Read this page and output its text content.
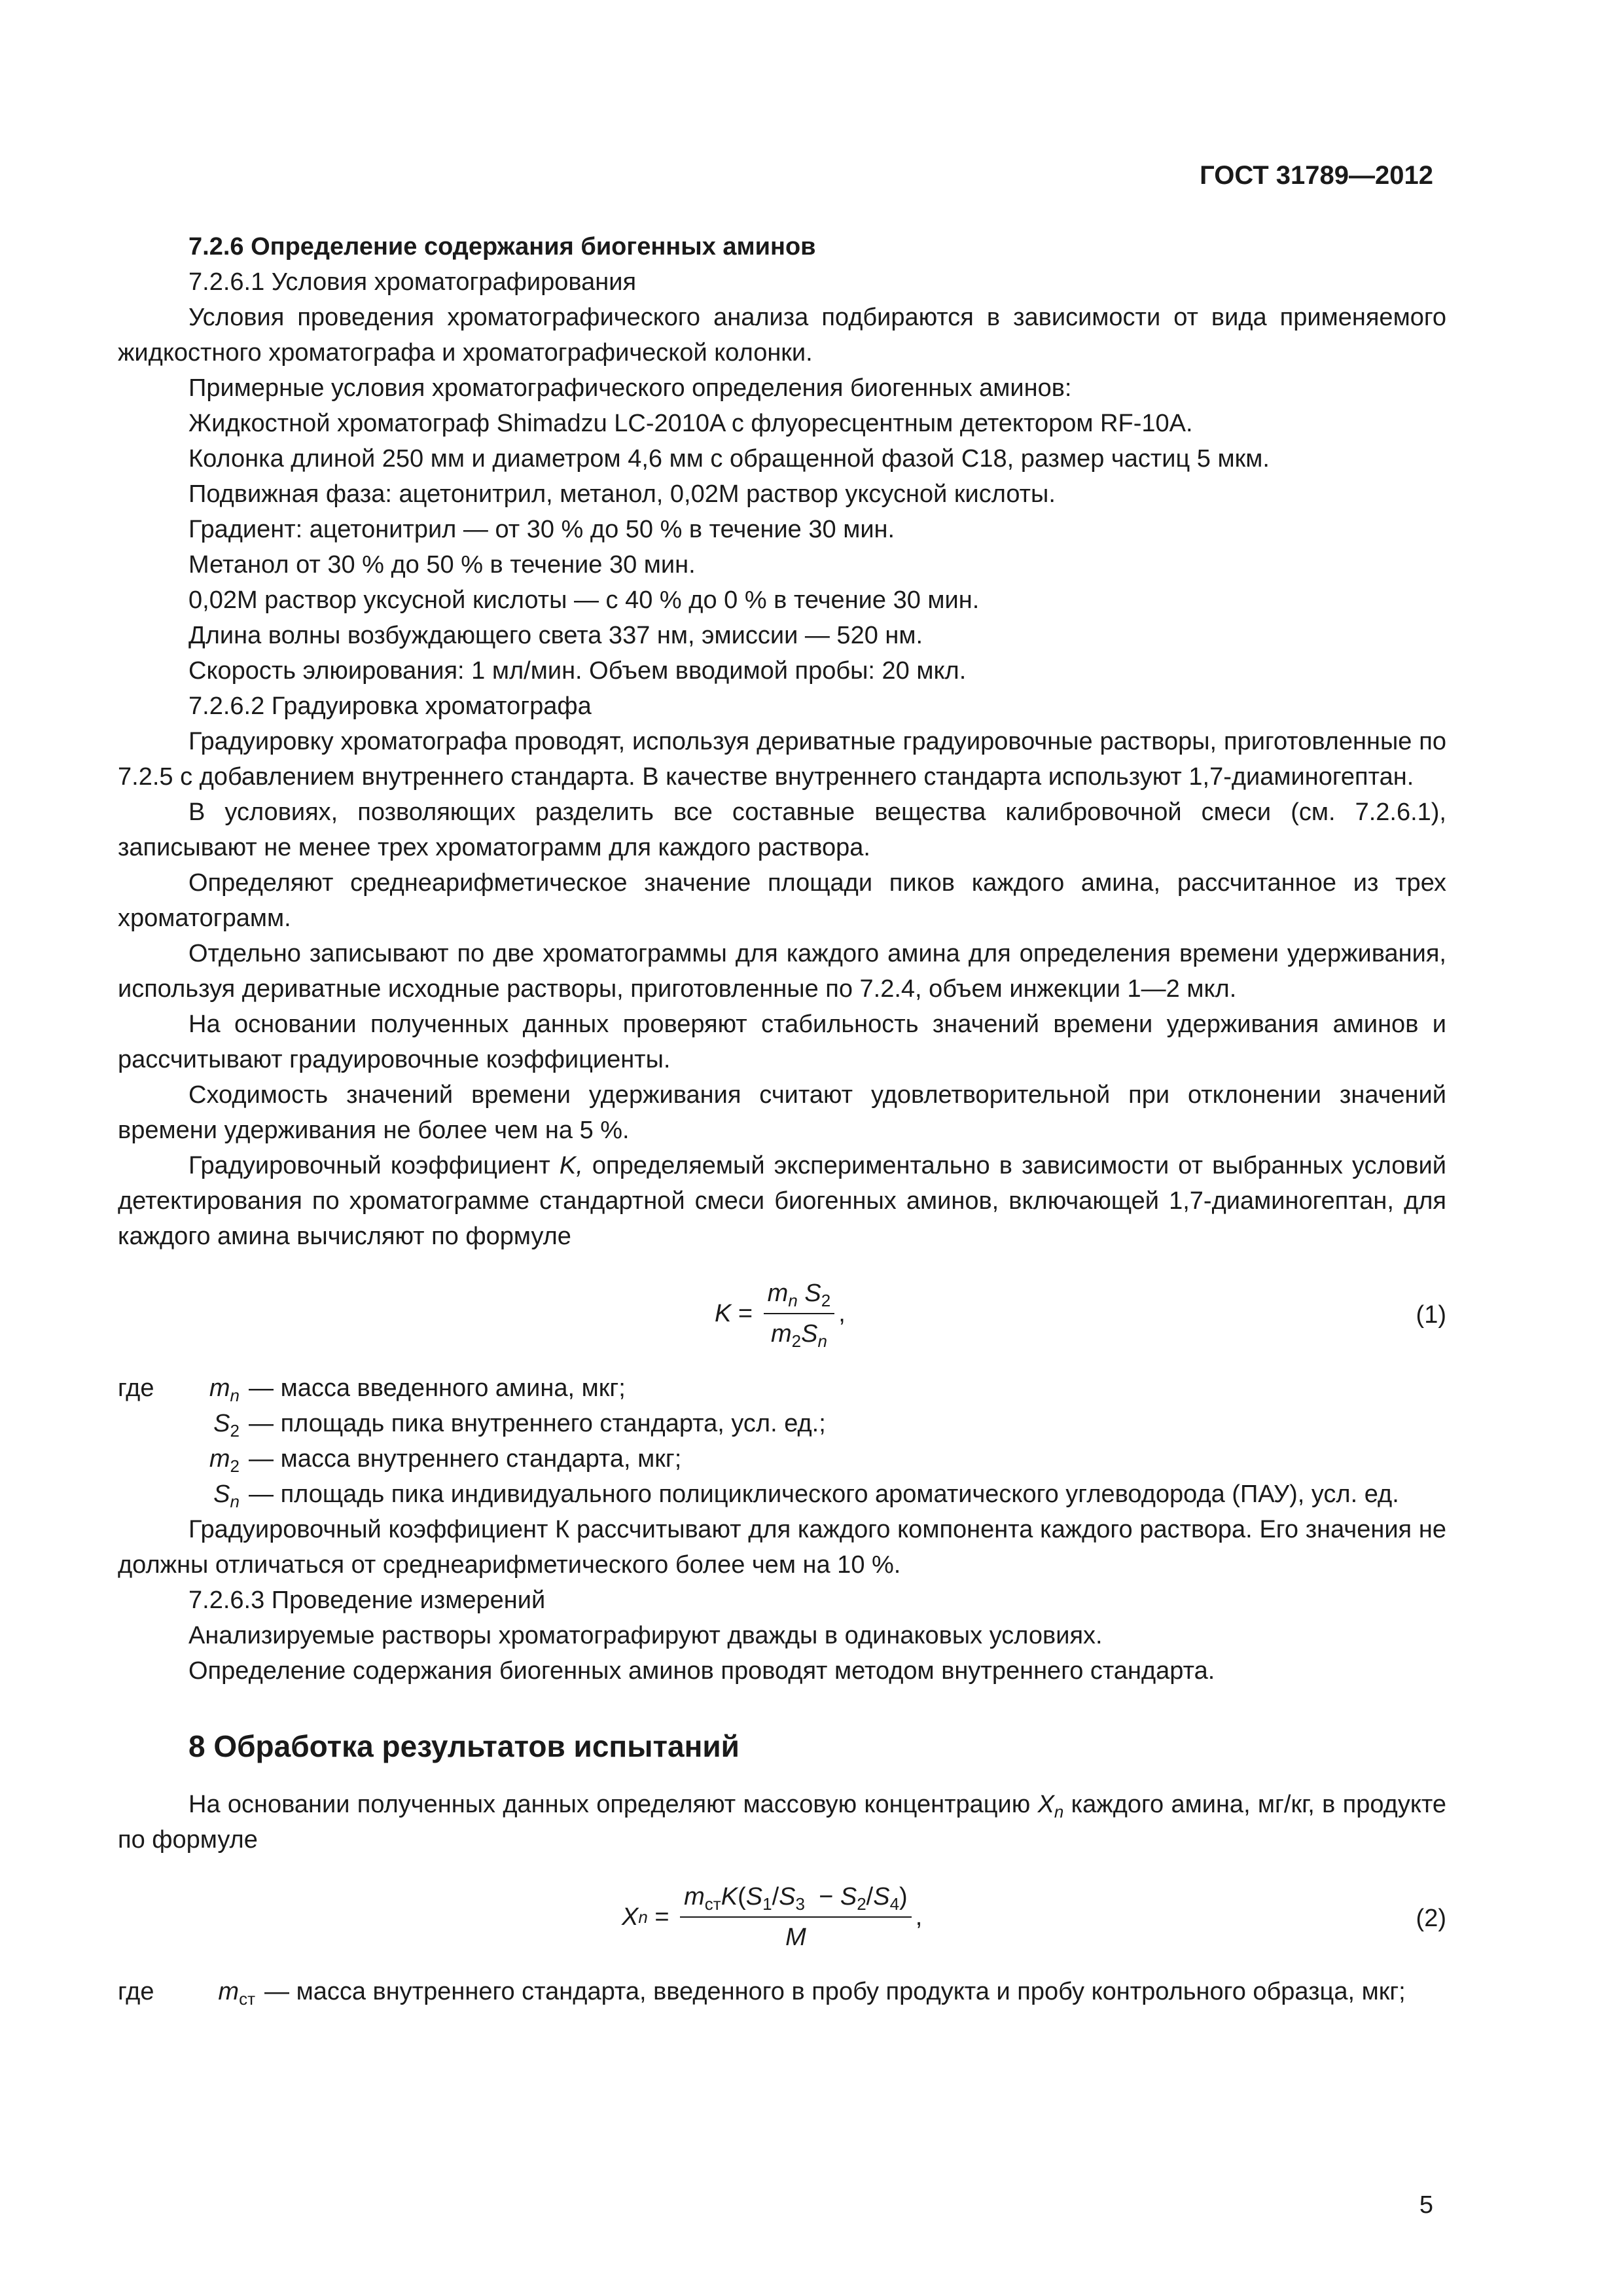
ГОСТ 31789—2012

7.2.6 Определение содержания биогенных аминов

7.2.6.1 Условия хроматографирования

Условия проведения хроматографического анализа подбираются в зависимости от вида применяемого жидкостного хроматографа и хроматографической колонки.

Примерные условия хроматографического определения биогенных аминов:

Жидкостной хроматограф Shimadzu LC-2010A с флуоресцентным детектором RF-10A.

Колонка длиной 250 мм и диаметром 4,6 мм с обращенной фазой С18, размер частиц 5 мкм.

Подвижная фаза: ацетонитрил, метанол, 0,02М раствор уксусной кислоты.

Градиент: ацетонитрил — от 30 % до 50 % в течение 30 мин.

Метанол от 30 % до 50 % в течение 30 мин.

0,02М раствор уксусной кислоты — с 40 % до 0 % в течение 30 мин.

Длина волны возбуждающего света 337 нм, эмиссии — 520 нм.

Скорость элюирования: 1 мл/мин. Объем вводимой пробы: 20 мкл.

7.2.6.2 Градуировка хроматографа

Градуировку хроматографа проводят, используя дериватные градуировочные растворы, приготовленные по 7.2.5 с добавлением внутреннего стандарта. В качестве внутреннего стандарта используют 1,7-диаминогептан.

В условиях, позволяющих разделить все составные вещества калибровочной смеси (см. 7.2.6.1), записывают не менее трех хроматограмм для каждого раствора.

Определяют среднеарифметическое значение площади пиков каждого амина, рассчитанное из трех хроматограмм.

Отдельно записывают по две хроматограммы для каждого амина для определения времени удерживания, используя дериватные исходные растворы, приготовленные по 7.2.4, объем инжекции 1—2 мкл.

На основании полученных данных проверяют стабильность значений времени удерживания аминов и рассчитывают градуировочные коэффициенты.

Сходимость значений времени удерживания считают удовлетворительной при отклонении значений времени удерживания не более чем на 5 %.

Градуировочный коэффициент K, определяемый экспериментально в зависимости от выбранных условий детектирования по хроматограмме стандартной смеси биогенных аминов, включающей 1,7-диаминогептан, для каждого амина вычисляют по формуле

$K = \frac{m_n S_2}{m_2S_n}$ ,	(1)
где $m_n$ — масса введенного амина, мкг;
$S_2$ — площадь пика внутреннего стандарта, усл. ед.;
$m_2$ — масса внутреннего стандарта, мкг;
$S_n$ — площадь пика индивидуального полициклического ароматического углеводорода (ПАУ), усл. ед.

Градуировочный коэффициент К рассчитывают для каждого компонента каждого раствора. Его значения не должны отличаться от среднеарифметического более чем на 10 %.

7.2.6.3 Проведение измерений

Анализируемые растворы хроматографируют дважды в одинаковых условиях.

Определение содержания биогенных аминов проводят методом внутреннего стандарта.

8 Обработка результатов испытаний

На основании полученных данных определяют массовую концентрацию $X_n$ каждого амина, мг/кг, в продукте по формуле

X $n = \frac{m_{ст}K(S_1/S_3 - S_2/S_4)}{M}$ ,	(2)
где	$m_{ст}$ — масса внутреннего стандарта, введенного в пробу продукта и пробу контрольного образца, мкг;
5
